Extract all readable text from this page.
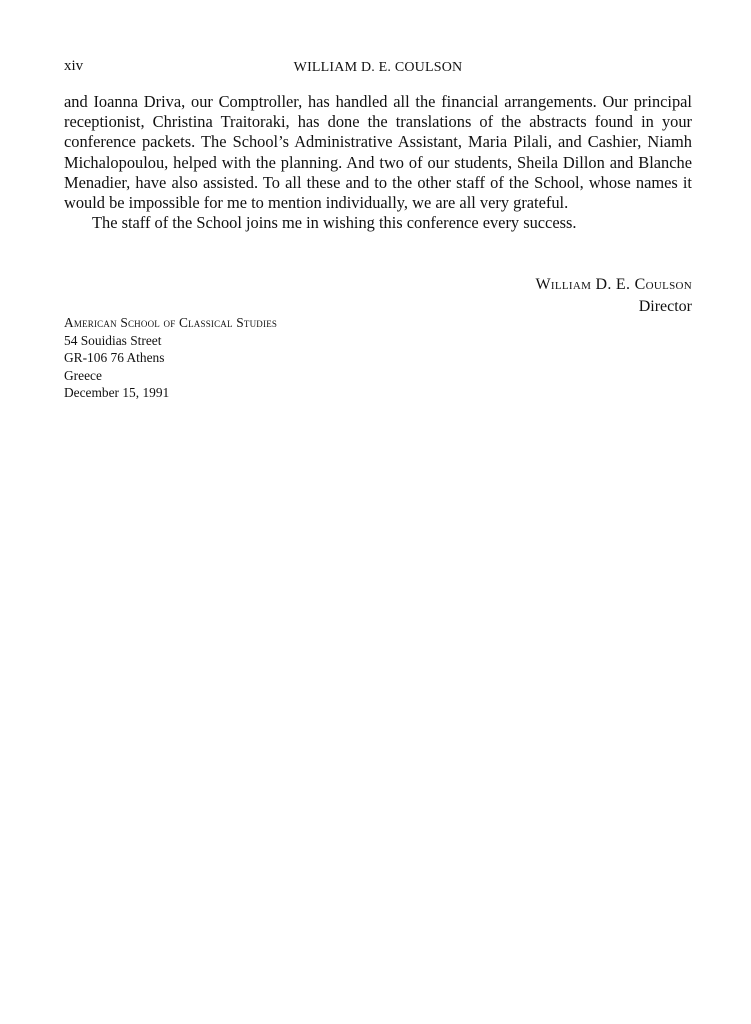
xiv	WILLIAM D. E. COULSON

and Ioanna Driva, our Comptroller, has handled all the financial arrangements. Our principal receptionist, Christina Traitoraki, has done the translations of the abstracts found in your conference packets. The School’s Administrative Assistant, Maria Pilali, and Cashier, Niamh Michalopoulou, helped with the planning. And two of our students, Sheila Dillon and Blanche Menadier, have also assisted. To all these and to the other staff of the School, whose names it would be impossible for me to mention individually, we are all very grateful.

The staff of the School joins me in wishing this conference every success.

William D. E. Coulson
Director
American School of Classical Studies
54 Souidias Street
GR-106 76 Athens
Greece
December 15, 1991
